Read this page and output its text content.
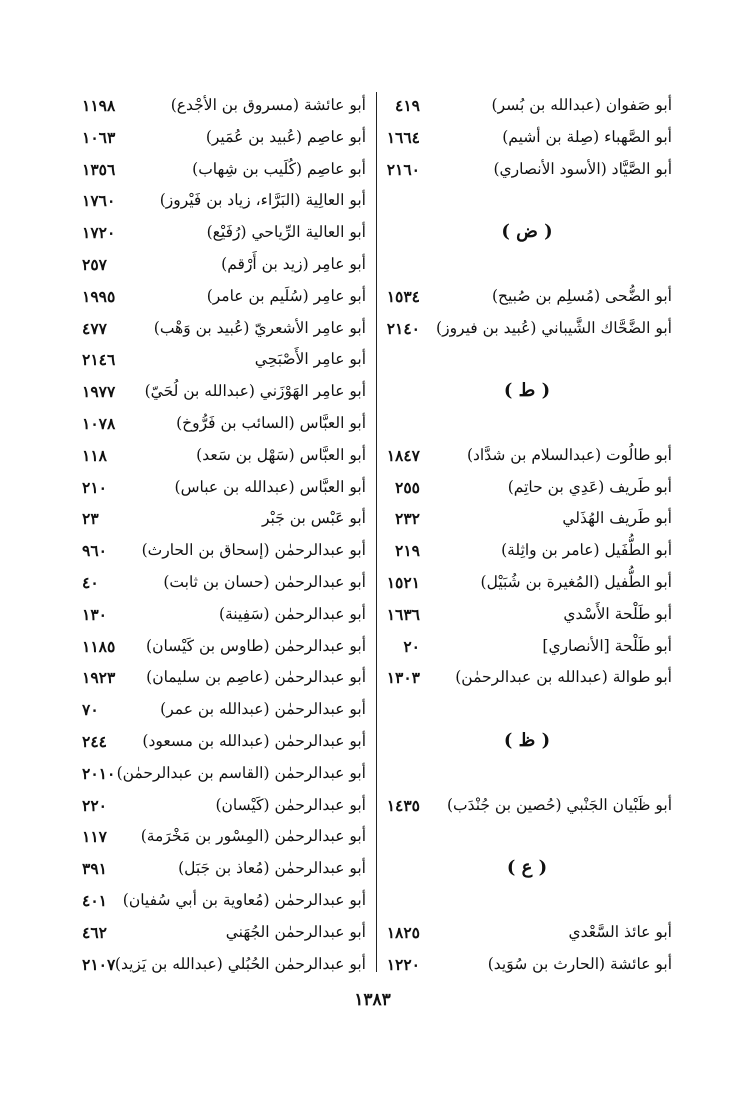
أبو صَفوان (عبدالله بن بُسر)
٤١٩
أبو الصَّهباء (صِلة بن أشيم)
١٦٦٤
أبو الصَّيَّاد (الأسود الأنصاري)
٢١٦٠
( ض )
أبو الضُّحى (مُسلِم بن صُبيح)
١٥٣٤
أبو الضَّحَّاك الشَّيباني (عُبيد بن فيروز)
٢١٤٠
( ط )
أبو طالُوت (عبدالسلام بن شدَّاد)
١٨٤٧
أبو طَريف (عَدِي بن حاتِم)
٢٥٥
أبو طَريف الهُذَلي
٢٣٢
أبو الطُّفَيل (عامر بن واثِلة)
٢١٩
أبو الطُّفيل (المُغيرة بن شُبَيْل)
١٥٢١
أبو طَلْحة الأَسْدي
١٦٣٦
أبو طَلْحة [الأنصاري]
٢٠
أبو طوالة (عبدالله بن عبدالرحمٰن)
١٣٠٣
( ظ )
أبو ظَبْيان الجَنْبي (حُصين بن جُنْدَب)
١٤٣٥
( ع )
أبو عائذ السَّعْدي
١٨٢٥
أبو عائشة (الحارث بن سُوَيد)
١٢٢٠
أبو عائشة (مسروق بن الأجْدع)
١١٩٨
أبو عاصِم (عُبيد بن عُمَير)
١٠٦٣
أبو عاصِم (كُلَيب بن شِهاب)
١٣٥٦
أبو العالِية (البَرَّاء، زياد بن فَيْروز)
١٧٦٠
أبو العالية الرِّياحي (رُفَيْع)
١٧٢٠
أبو عامِر (زيد بن أَرْقم)
٢٥٧
أبو عامِر (سُلَيم بن عامر)
١٩٩٥
أبو عامِر الأشعريّ (عُبيد بن وَهْب)
٤٧٧
أبو عامِر الأَصْبَحِي
٢١٤٦
أبو عامِر الهَوْزَني (عبدالله بن لُحَيّ)
١٩٧٧
أبو العبَّاس (السائب بن فَرُّوخ)
١٠٧٨
أبو العبَّاس (سَهْل بن سَعد)
١١٨
أبو العبَّاس (عبدالله بن عباس)
٢١٠
أبو عَبْس بن جَبْر
٢٣
أبو عبدالرحمٰن (إسحاق بن الحارث)
٩٦٠
أبو عبدالرحمٰن (حسان بن ثابت)
٤٠
أبو عبدالرحمٰن (سَفِينة)
١٣٠
أبو عبدالرحمٰن (طاوس بن كَيْسان)
١١٨٥
أبو عبدالرحمٰن (عاصِم بن سليمان)
١٩٢٣
أبو عبدالرحمٰن (عبدالله بن عمر)
٧٠
أبو عبدالرحمٰن (عبدالله بن مسعود)
٢٤٤
أبو عبدالرحمٰن (القاسم بن عبدالرحمٰن)
٢٠١٠
أبو عبدالرحمٰن (كَيْسان)
٢٢٠
أبو عبدالرحمٰن (المِسْور بن مَخْرَمة)
١١٧
أبو عبدالرحمٰن (مُعاذ بن جَبَل)
٣٩١
أبو عبدالرحمٰن (مُعاوية بن أبي سُفيان)
٤٠١
أبو عبدالرحمٰن الجُهَني
٤٦٢
أبو عبدالرحمٰن الحُبُلي (عبدالله بن يَزيد)
٢١٠٧
١٣٨٣
